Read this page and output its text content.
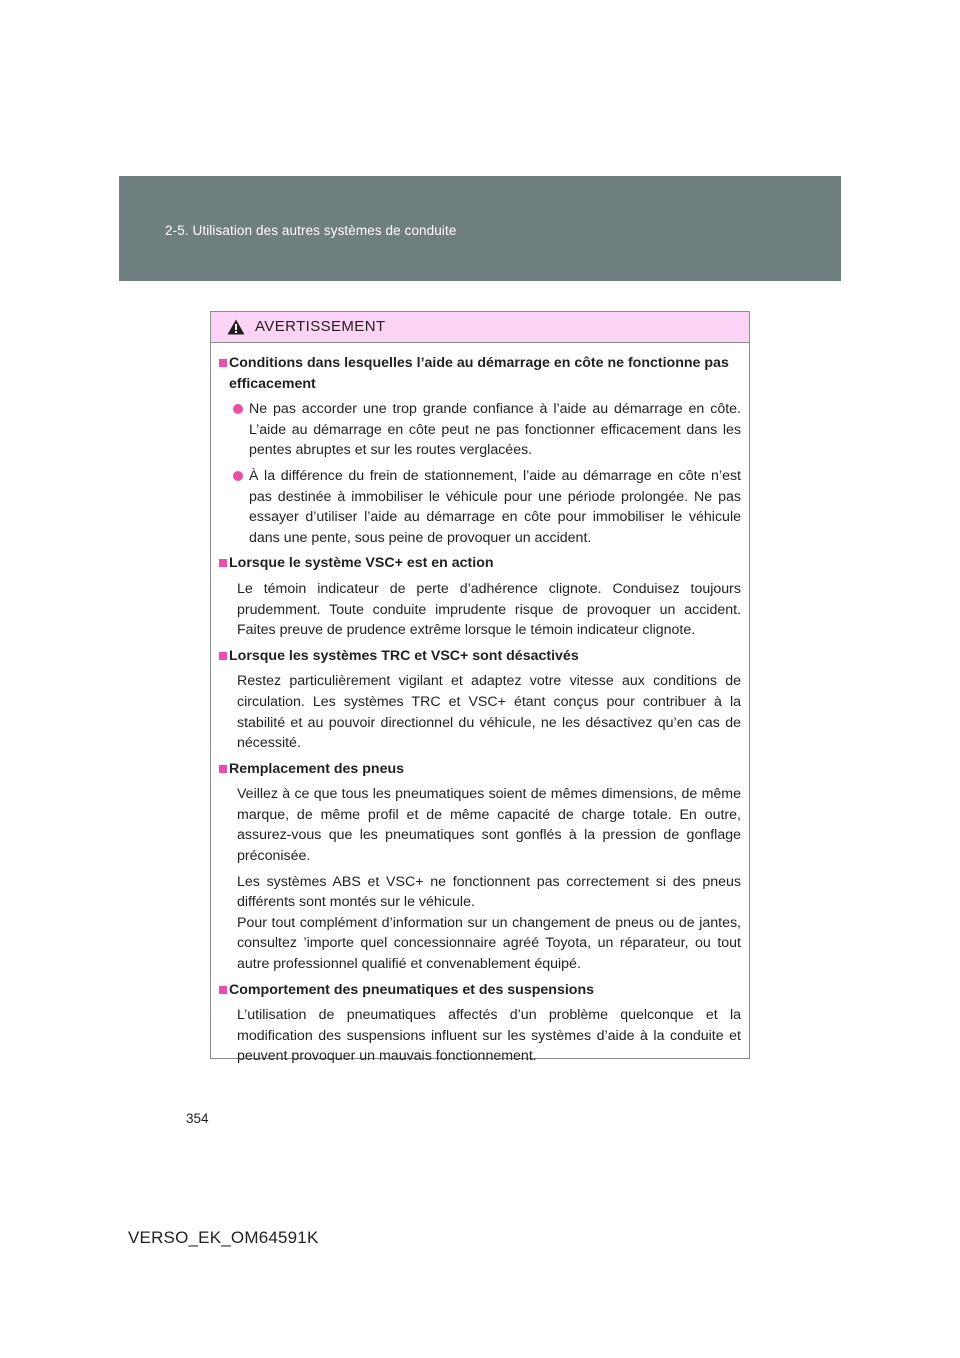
2-5. Utilisation des autres systèmes de conduite
AVERTISSEMENT
Conditions dans lesquelles l’aide au démarrage en côte ne fonctionne pas efficacement
Ne pas accorder une trop grande confiance à l’aide au démarrage en côte. L’aide au démarrage en côte peut ne pas fonctionner efficacement dans les pentes abruptes et sur les routes verglacées.
À la différence du frein de stationnement, l’aide au démarrage en côte n’est pas destinée à immobiliser le véhicule pour une période prolongée. Ne pas essayer d’utiliser l’aide au démarrage en côte pour immobiliser le véhicule dans une pente, sous peine de provoquer un accident.
Lorsque le système VSC+ est en action
Le témoin indicateur de perte d’adhérence clignote. Conduisez toujours prudemment. Toute conduite imprudente risque de provoquer un accident. Faites preuve de prudence extrême lorsque le témoin indicateur clignote.
Lorsque les systèmes TRC et VSC+ sont désactivés
Restez particulièrement vigilant et adaptez votre vitesse aux conditions de circulation. Les systèmes TRC et VSC+ étant conçus pour contribuer à la stabilité et au pouvoir directionnel du véhicule, ne les désactivez qu’en cas de nécessité.
Remplacement des pneus
Veillez à ce que tous les pneumatiques soient de mêmes dimensions, de même marque, de même profil et de même capacité de charge totale. En outre, assurez-vous que les pneumatiques sont gonflés à la pression de gonflage préconisée.
Les systèmes ABS et VSC+ ne fonctionnent pas correctement si des pneus différents sont montés sur le véhicule.
Pour tout complément d’information sur un changement de pneus ou de jantes, consultez ’importe quel concessionnaire agréé Toyota, un réparateur, ou tout autre professionnel qualifié et convenablement équipé.
Comportement des pneumatiques et des suspensions
L’utilisation de pneumatiques affectés d’un problème quelconque et la modification des suspensions influent sur les systèmes d’aide à la conduite et peuvent provoquer un mauvais fonctionnement.
354
VERSO_EK_OM64591K
